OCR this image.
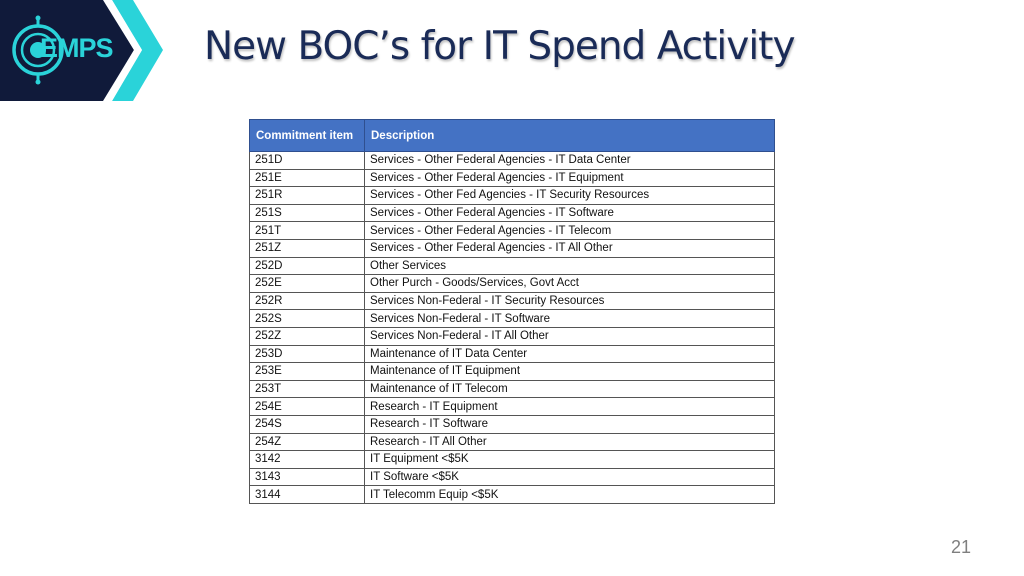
EMPS New BOC’s for IT Spend Activity
Commitment item	Description
251D	Services - Other Federal Agencies - IT Data Center
251E	Services - Other Federal Agencies - IT Equipment
251R	Services - Other Fed Agencies - IT Security Resources
251S	Services - Other Federal Agencies - IT Software
251T	Services - Other Federal Agencies - IT Telecom
251Z	Services - Other Federal Agencies - IT All Other
252D	Other Services
252E	Other Purch - Goods/Services, Govt Acct
252R	Services Non-Federal - IT Security Resources
252S	Services Non-Federal - IT Software
252Z	Services Non-Federal - IT All Other
253D	Maintenance of IT Data Center
253E	Maintenance of IT Equipment
253T	Maintenance of IT Telecom
254E	Research - IT Equipment
254S	Research - IT Software
254Z	Research - IT All Other
3142	IT Equipment <$5K
3143	IT Software <$5K
3144	IT Telecomm Equip <$5K
21
